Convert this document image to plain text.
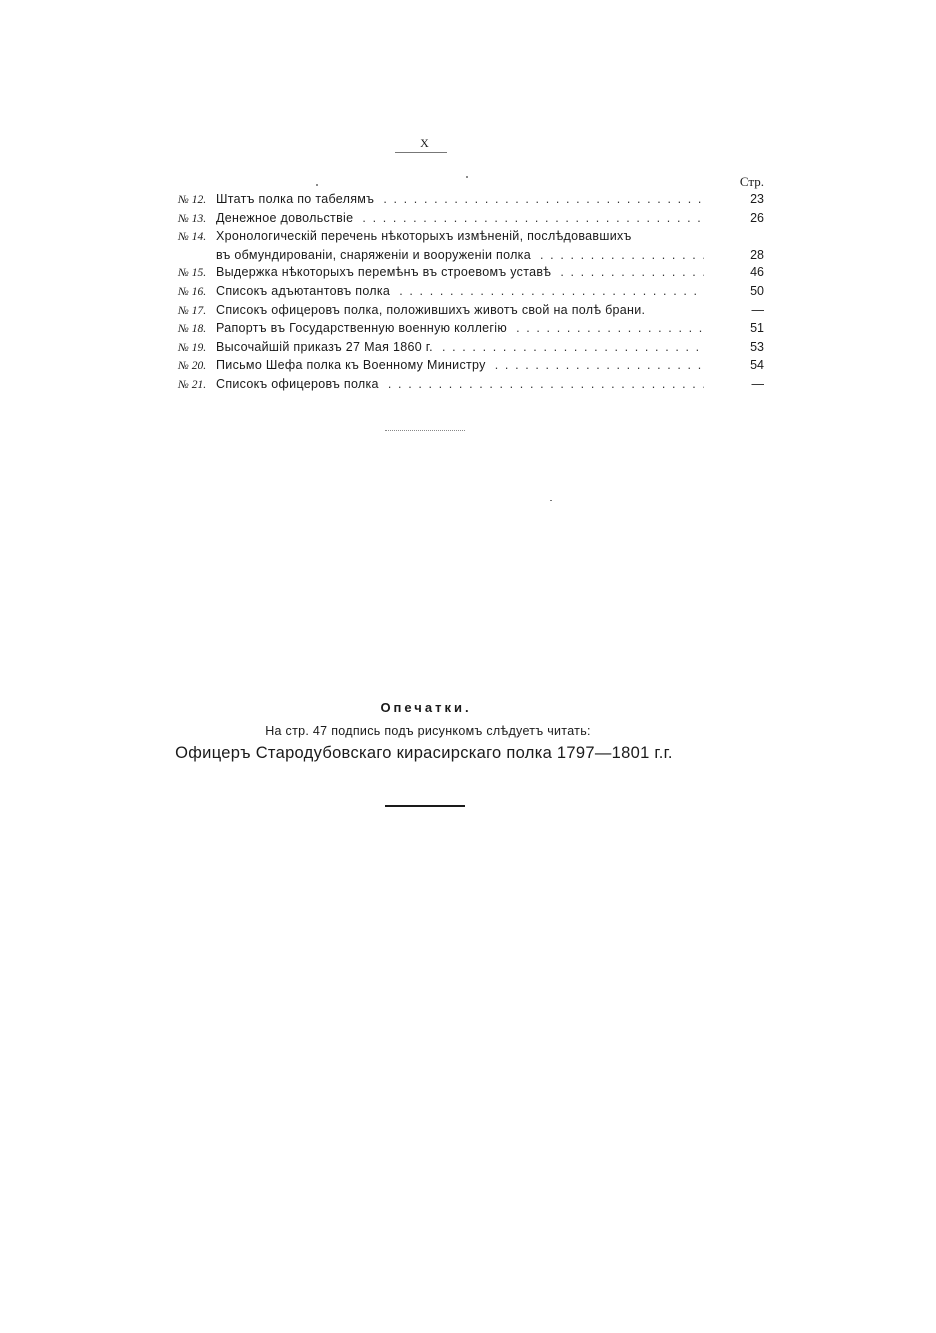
X
Стр.
№ 12. Штатъ полка по табелямъ . . .	23
№ 13. Денежное довольствіе . . .	26
№ 14. Хронологическій перечень нѣкоторыхъ измѣненій, послѣдовавшихъ
въ обмундированіи, снаряженіи и вооруженіи полка . . .	28
№ 15. Выдержка нѣкоторыхъ перемѣнъ въ строевомъ уставѣ . . .	46
№ 16. Списокъ адъютантовъ полка . . .	50
№ 17. Списокъ офицеровъ полка, положившихъ животъ свой на полѣ брани.	—
№ 18. Рапортъ въ Государственную военную коллегію . . .	51
№ 19. Высочайшій приказъ 27 Мая 1860 г. . . .	53
№ 20. Письмо Шефа полка къ Военному Министру . . .	54
№ 21. Списокъ офицеровъ полка . . .	—
Опечатки.
На стр. 47 подпись подъ рисункомъ слѣдуетъ читать:
Офицеръ Стародубовскаго кирасирскаго полка 1797—1801 г.г.
